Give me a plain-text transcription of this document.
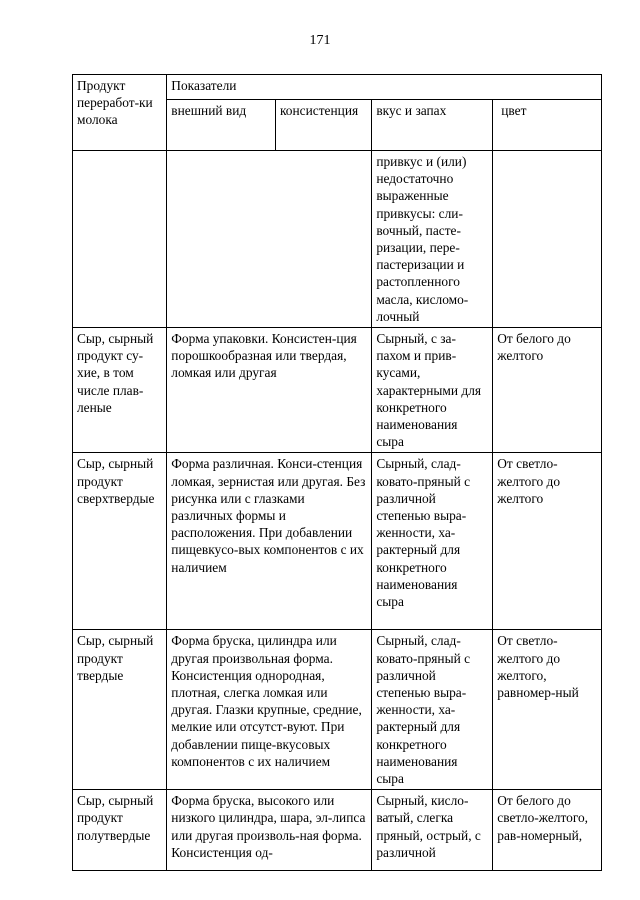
171
Продукт переработ-ки молока	Показатели			
	внешний вид	консистенция	вкус и запах	цвет
			привкус и (или) недостаточно выраженные привкусы: сли-вочный, пасте-ризации, пере-пастеризации и растопленного масла, кисломо-лочный	
Сыр, сырный продукт су-хие, в том числе плав-леные	Форма упаковки. Консистен-ция порошкообразная или твердая, ломкая или другая		Сырный, с за-пахом и прив-кусами, характерными для конкретного наименования сыра	От белого до желтого
Сыр, сырный продукт сверхтвердые	Форма различная. Конси-стенция ломкая, зернистая или другая. Без рисунка или с глазками различных формы и расположения. При добавлении пищевкусо-вых компонентов с их наличием		Сырный, слад-ковато-пряный с различной степенью выра-женности, ха-рактерный для конкретного наименования сыра	От светло-желтого до желтого
Сыр, сырный продукт твердые	Форма бруска, цилиндра или другая произвольная форма. Консистенция однородная, плотная, слегка ломкая или другая. Глазки крупные, средние, мелкие или отсутст-вуют. При добавлении пище-вкусовых компонентов с их наличием		Сырный, слад-ковато-пряный с различной степенью выра-женности, ха-рактерный для конкретного наименования сыра	От светло-желтого до желтого, равномер-ный
Сыр, сырный продукт полутвердые	Форма бруска, высокого или низкого цилиндра, шара, эл-липса или другая произволь-ная форма. Консистенция од-		Сырный, кисло-ватый, слегка пряный, острый, с различной	От белого до светло-желтого, рав-номерный,
